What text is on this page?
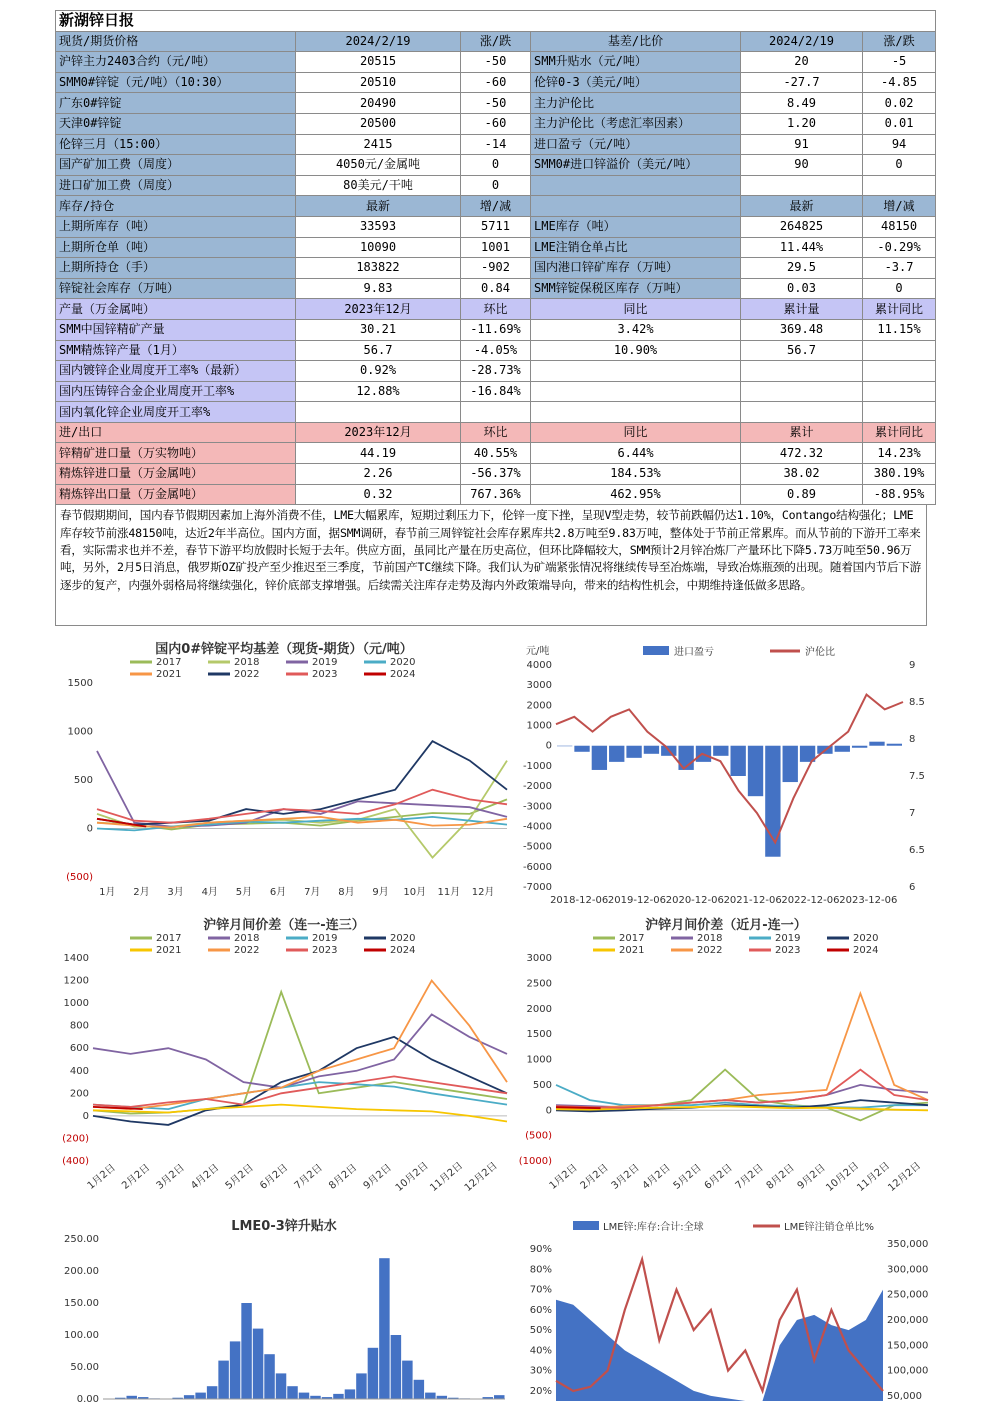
新湖锌日报					
现货/期货价格	2024/2/19	涨/跌	基差/比价	2024/2/19	涨/跌
沪锌主力2403合约（元/吨）	20515	-50	SMM升贴水（元/吨）	20	-5
SMM0#锌锭（元/吨）（10:30）	20510	-60	伦锌0-3（美元/吨）	-27.7	-4.85
广东0#锌锭	20490	-50	主力沪伦比	8.49	0.02
天津0#锌锭	20500	-60	主力沪伦比（考虑汇率因素）	1.20	0.01
伦锌三月（15:00）	2415	-14	进口盈亏（元/吨）	91	94
国产矿加工费（周度）	4050元/金属吨	0	SMM0#进口锌溢价（美元/吨）	90	0
进口矿加工费（周度）	80美元/干吨	0			
库存/持仓	最新	增/减		最新	增/减
上期所库存（吨）	33593	5711	LME库存（吨）	264825	48150
上期所仓单（吨）	10090	1001	LME注销仓单占比	11.44%	-0.29%
上期所持仓（手）	183822	-902	国内港口锌矿库存（万吨）	29.5	-3.7
锌锭社会库存（万吨）	9.83	0.84	SMM锌锭保税区库存（万吨）	0.03	0
产量（万金属吨）	2023年12月	环比	同比	累计量	累计同比
SMM中国锌精矿产量	30.21	-11.69%	3.42%	369.48	11.15%
SMM精炼锌产量（1月）	56.7	-4.05%	10.90%	56.7	
国内镀锌企业周度开工率%（最新）	0.92%	-28.73%			
国内压铸锌合金企业周度开工率%	12.88%	-16.84%			
国内氧化锌企业周度开工率%					
进/出口	2023年12月	环比	同比	累计	累计同比
锌精矿进口量（万实物吨）	44.19	40.55%	6.44%	472.32	14.23%
精炼锌进口量（万金属吨）	2.26	-56.37%	184.53%	38.02	380.19%
精炼锌出口量（万金属吨）	0.32	767.36%	462.95%	0.89	-88.95%
春节假期期间，国内春节假期因素加上海外消费不佳，LME大幅累库，短期过剩压力下，伦锌一度下挫，呈现V型走势，较节前跌幅仍达1.10%，Contango结构强化；LME库存较节前涨48150吨，达近2年半高位。国内方面，据SMM调研，春节前三周锌锭社会库存累库共2.8万吨至9.83万吨，整体处于节前正常累库。而从节前的下游开工率来看，实际需求也并不差，春节下游平均放假时长短于去年。供应方面，虽同比产量在历史高位，但环比降幅较大，SMM预计2月锌冶炼厂产量环比下降5.73万吨至50.96万吨，另外，2月5日消息，俄罗斯OZ矿投产至少推迟至三季度，节前国产TC继续下降。我们认为矿端紧张情况将继续传导至冶炼端，导致冶炼瓶颈的出现。随着国内节后下游逐步的复产，内强外弱格局将继续强化，锌价底部支撑增强。后续需关注库存走势及海内外政策端导向，带来的结构性机会，中期维持逢低做多思路。
国内0#锌锭平均基差（现货-期货）（元/吨）
2017	2018	2019	2020
2021	2022	2023	2024
1500
1000
500
0
(500)
1月 2月 3月 4月 5月 6月 7月 8月 9月 10月 11月 12月
元/吨	进口盈亏	沪伦比
4000
3000
2000
1000
0
-1000
-2000
-3000
-4000
-5000
-6000
-7000
9
8.5
8
7.5
7
6.5
6
2018-12-06 2019-12-06 2020-12-06 2021-12-06 2022-12-06 2023-12-06
沪锌月间价差（连一-连三）
2017	2018	2019	2020
2021	2022	2023	2024
1400
1200
1000
800
600
400
200
0
(200)
(400)
1月2日 2月2日 3月2日 4月2日 5月2日 6月2日 7月2日 8月2日 9月2日 10月2日
11月2日
12月2日
沪锌月间价差（近月-连一）
2017	2018	2019	2020
2021	2022	2023	2024
3000
2500
2000
1500
1000
500
0
(500)
(1000)
1月2日
2月2日
3月2日
4月2日
5月2日
6月2日
7月2日
8月2日
9月2日
10月2日
11月2日
12月2日
LME0-3锌升贴水
250.00
200.00
150.00
100.00
50.00
0.00
LME锌:库存:合计:全球	LME锌注销仓单比%
90%
80%
70%
60%
50%
40%
30%
20%
350,000
300,000
250,000
200,000
150,000
100,000
50,000
